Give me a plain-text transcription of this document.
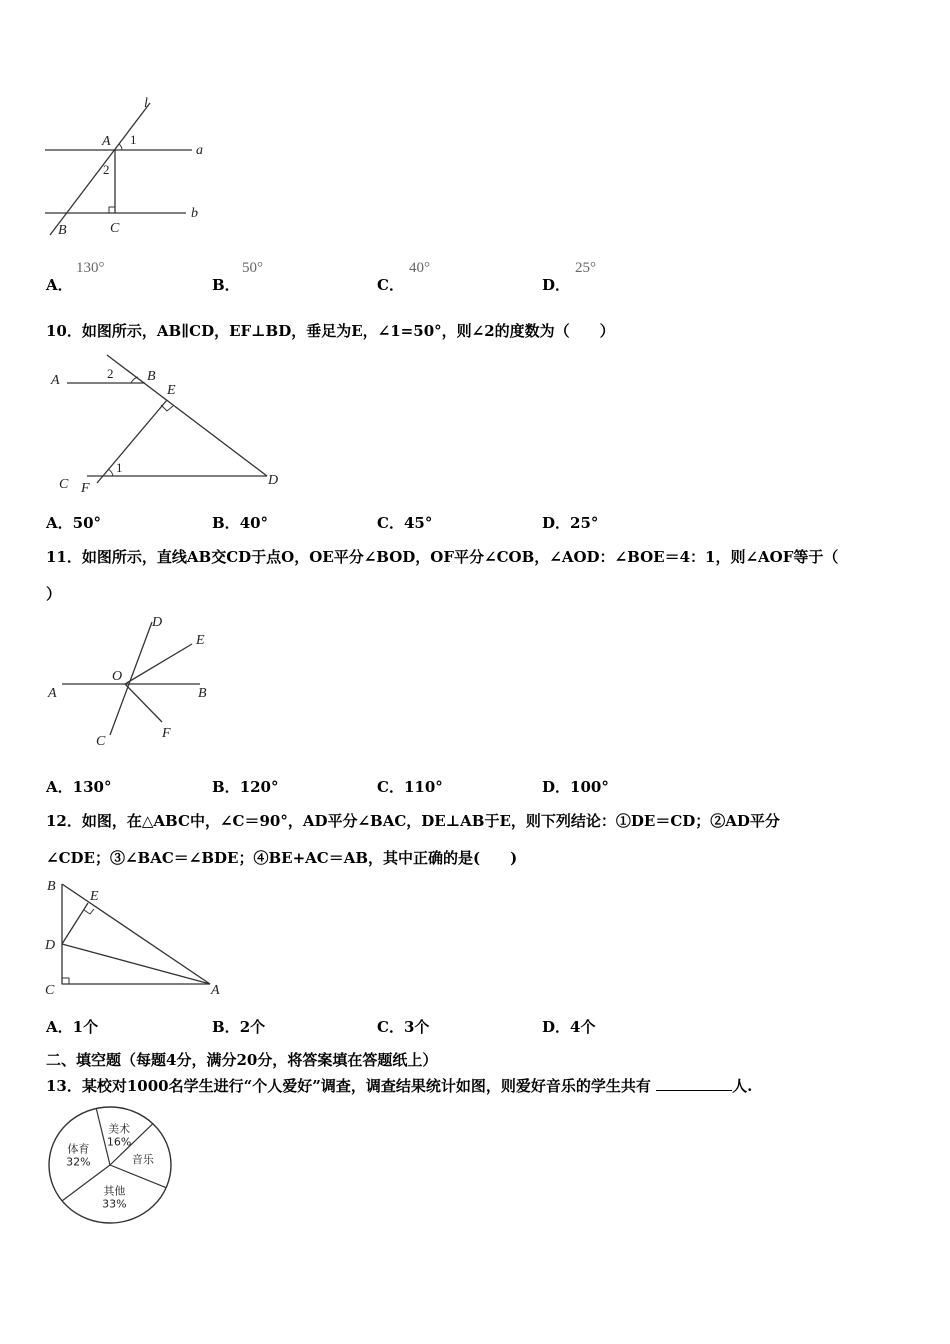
l
a
b
A
B	C
1
2
A．
130°
B．
50°
C．
40°
D．
25°
10．如图所示，AB∥CD，EF⊥BD，垂足为E，∠1=50°，则∠2的度数为（　　）
A	B
E
C F
D
1
2
A．50°	B．40°	C．45°	D．25°
11．如图所示，直线AB交CD于点O，OE平分∠BOD，OF平分∠COB，∠AOD：∠BOE＝4：1，则∠AOF等于（
）
A	B
D
E
C
F
O
A．130°	B．120°	C．110°	D．100°
12．如图，在△ABC中，∠C＝90°，AD平分∠BAC，DE⊥AB于E，则下列结论：①DE＝CD；②AD平分
∠CDE；③∠BAC＝∠BDE；④BE+AC＝AB，其中正确的是(　　)
B
E
D
C	A
A．1个	B．2个	C．3个	D．4个
二、填空题（每题4分，满分20分，将答案填在答题纸上）
13．某校对1000名学生进行“个人爱好”调查，调查结果统计如图，则爱好音乐的学生共有	人.
美术
16%
音乐
其他
33%
体育
32%
